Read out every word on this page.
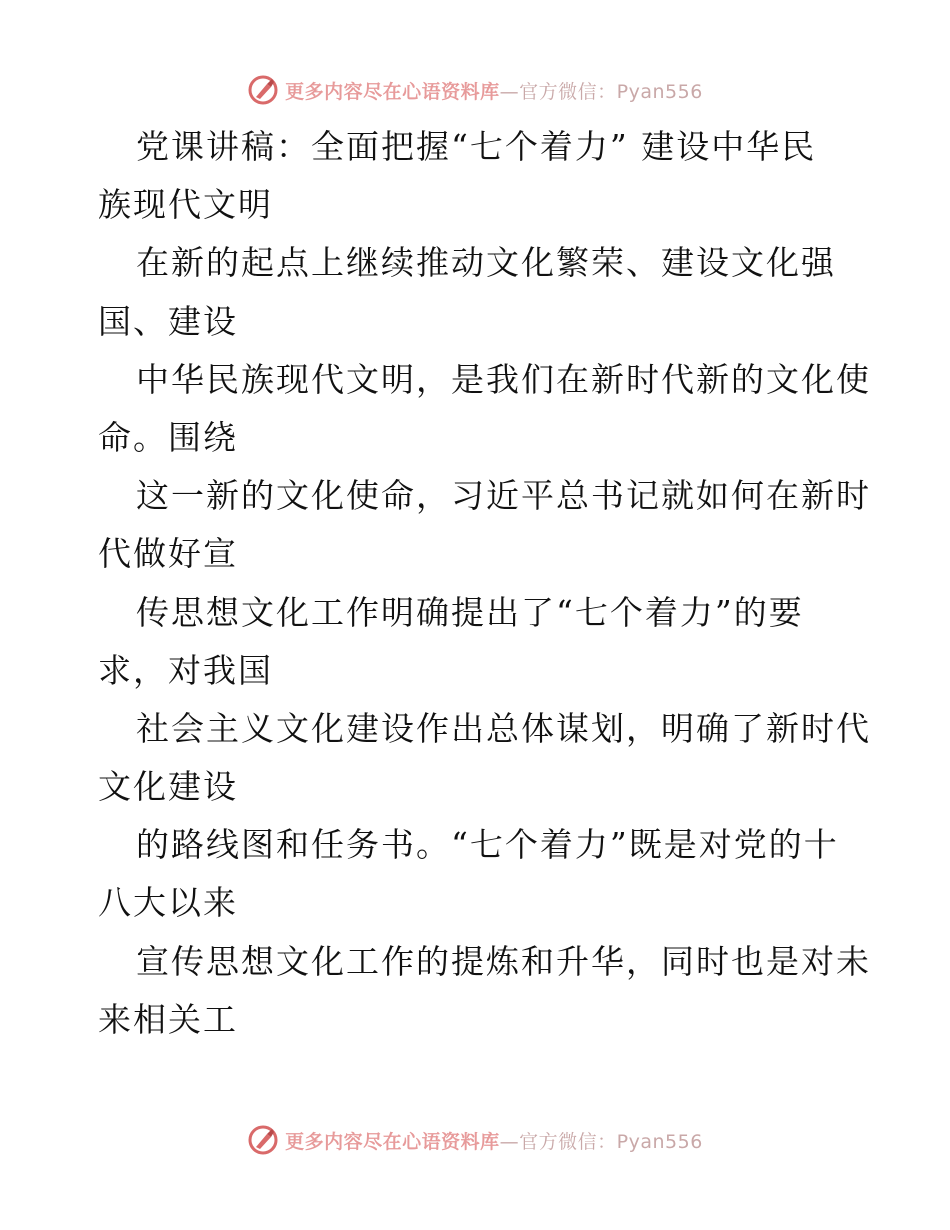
更多内容尽在心语资料库—官方微信：Pyan556
党课讲稿：全面把握“七个着力” 建设中华民
族现代文明
在新的起点上继续推动文化繁荣、建设文化强
国、建设
中华民族现代文明，是我们在新时代新的文化使
命。围绕
这一新的文化使命，习近平总书记就如何在新时
代做好宣
传思想文化工作明确提出了“七个着力”的要
求，对我国
社会主义文化建设作出总体谋划，明确了新时代
文化建设
的路线图和任务书。“七个着力”既是对党的十
八大以来
宣传思想文化工作的提炼和升华，同时也是对未
来相关工
更多内容尽在心语资料库—官方微信：Pyan556
